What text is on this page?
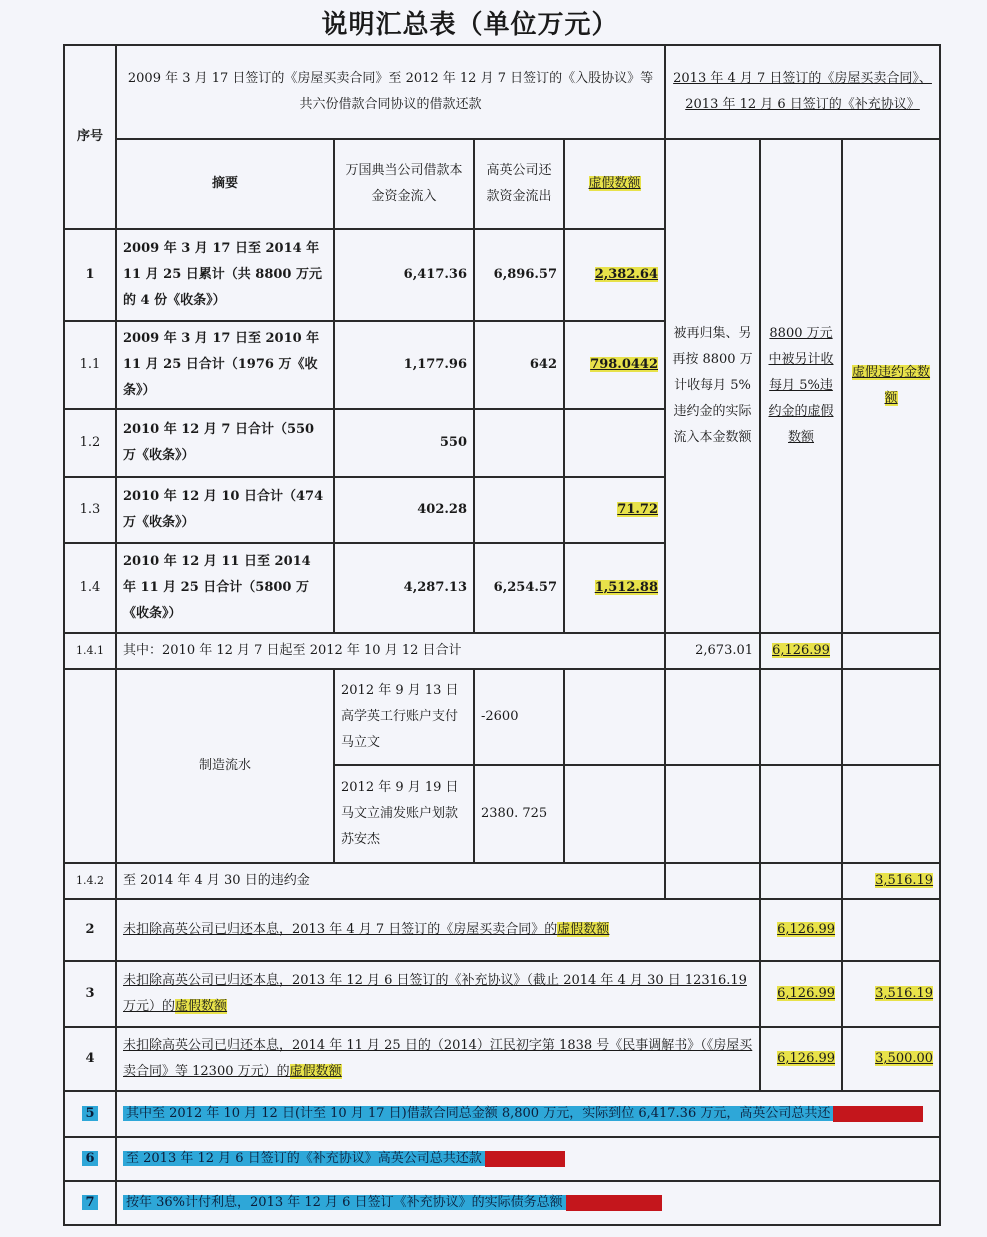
说明汇总表（单位万元）
序号	2009 年 3 月 17 日签订的《房屋买卖合同》至 2012 年 12 月 7 日签订的《入股协议》等共六份借款合同协议的借款还款				2013 年 4 月 7 日签订的《房屋买卖合同》、2013 年 12 月 6 日签订的《补充协议》		
	摘要	万国典当公司借款本金资金流入	高英公司还款资金流出	虚假数额	被再归集、另再按 8800 万计收每月 5%违约金的实际流入本金数额	8800 万元中被另计收每月 5%违约金的虚假数额	虚假违约金数额
1	2009 年 3 月 17 日至 2014 年 11 月 25 日累计（共 8800 万元的 4 份《收条》）	6,417.36	6,896.57	2,382.64			
1.1	2009 年 3 月 17 日至 2010 年 11 月 25 日合计（1976 万《收条》）	1,177.96	642	798.0442			
1.2	2010 年 12 月 7 日合计（550 万《收条》）	550					
1.3	2010 年 12 月 10 日合计（474 万《收条》）	402.28		71.72			
1.4	2010 年 12 月 11 日至 2014 年 11 月 25 日合计（5800 万《收条》）	4,287.13	6,254.57	1,512.88			
1.4.1	其中：2010 年 12 月 7 日起至 2012 年 10 月 12 日合计				2,673.01	6,126.99	
	制造流水	2012 年 9 月 13 日高学英工行账户支付马立文	-2600				
		2012 年 9 月 19 日马文立浦发账户划款苏安杰	2380. 725				
1.4.2	至 2014 年 4 月 30 日的违约金						3,516.19
2	未扣除高英公司已归还本息，2013 年 4 月 7 日签订的《房屋买卖合同》的虚假数额					6,126.99	
3	未扣除高英公司已归还本息，2013 年 12 月 6 日签订的《补充协议》（截止 2014 年 4 月 30 日 12316.19 万元）的虚假数额					6,126.99	3,516.19
4	未扣除高英公司已归还本息，2014 年 11 月 25 日的（2014）江民初字第 1838 号《民事调解书》（《房屋买卖合同》等 12300 万元）的虚假数额					6,126.99	3,500.00
5	其中至 2012 年 10 月 12 日(计至 10 月 17 日)借款合同总金额 8,800 万元，实际到位 6,417.36 万元，高英公司总共还						
6	至 2013 年 12 月 6 日签订的《补充协议》高英公司总共还款						
7	按年 36%计付利息，2013 年 12 月 6 日签订《补充协议》的实际债务总额						
